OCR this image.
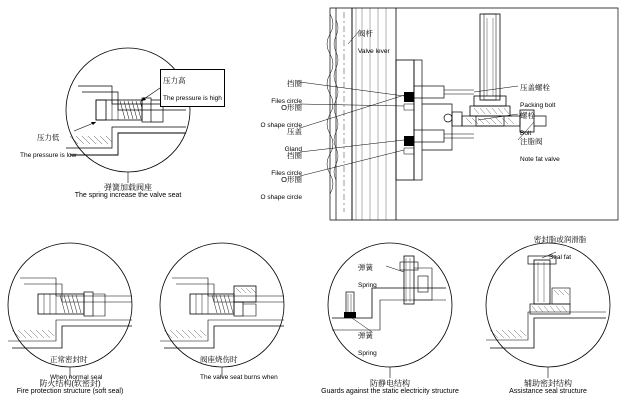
压力高
The pressure is high
压力低
The pressure is low
弹簧加载阀座
The spring increase the valve seat
阀杆
Valve lever
挡圈
Files circle
O形圈
O shape circle
压盖
Gland
挡圈
Files circle
O形圈
O shape circle
压盖螺栓
Packing bolt
螺栓
Bolt
注脂阀
Note fat valve
正常密封时
When normal seal
防火结构(软密封)
Fire protection structure (soft seal)
阀座烧伤时
The valve seat burns when
弹簧
Spring
弹簧
Spring
防静电结构
Guards against the static electricity structure
密封脂或润滑脂
Seal fat
辅助密封结构
Assistance seal structure
